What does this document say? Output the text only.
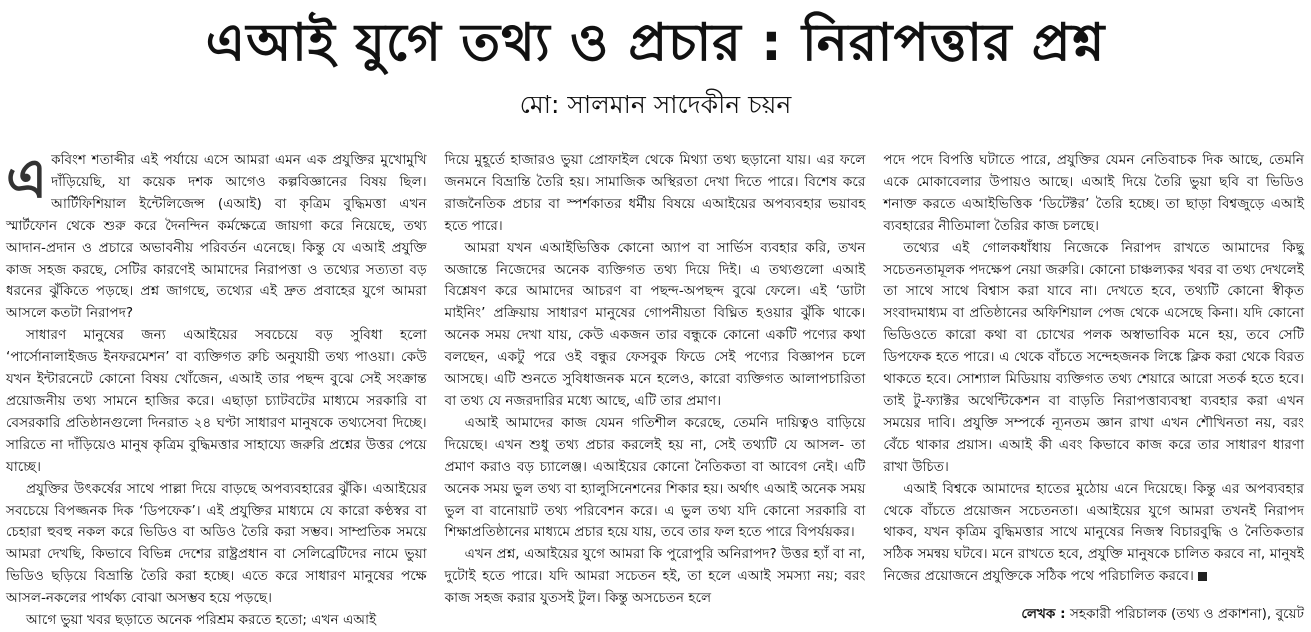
এআই যুগে তথ্য ও প্রচার : নিরাপত্তার প্রশ্ন
মো: সালমান সাদেকীন চয়ন

একবিংশ শতাব্দীর এই পর্যায়ে এসে আমরা এমন এক প্রযুক্তির মুখোমুখি দাঁড়িয়েছি, যা কয়েক দশক আগেও কল্পবিজ্ঞানের বিষয় ছিল। আর্টিফিশিয়াল ইন্টেলিজেন্স (এআই) বা কৃত্রিম বুদ্ধিমত্তা এখন স্মার্টফোন থেকে শুরু করে দৈনন্দিন কর্মক্ষেত্রে জায়গা করে নিয়েছে, তথ্য আদান-প্রদান ও প্রচারে অভাবনীয় পরিবর্তন এনেছে। কিন্তু যে এআই প্রযুক্তি কাজ সহজ করছে, সেটির কারণেই আমাদের নিরাপত্তা ও তথ্যের সত্যতা বড় ধরনের ঝুঁকিতে পড়ছে। প্রশ্ন জাগছে, তথ্যের এই দ্রুত প্রবাহের যুগে আমরা আসলে কতটা নিরাপদ?

সাধারণ মানুষের জন্য এআইয়ের সবচেয়ে বড় সুবিধা হলো ‘পার্সোনালাইজড ইনফরমেশন’ বা ব্যক্তিগত রুচি অনুযায়ী তথ্য পাওয়া। কেউ যখন ইন্টারনেটে কোনো বিষয় খোঁজেন, এআই তার পছন্দ বুঝে সেই সংক্রান্ত প্রয়োজনীয় তথ্য সামনে হাজির করে। এছাড়া চ্যাটবটের মাধ্যমে সরকারি বা বেসরকারি প্রতিষ্ঠানগুলো দিনরাত ২৪ ঘণ্টা সাধারণ মানুষকে তথ্যসেবা দিচ্ছে। সারিতে না দাঁড়িয়েও মানুষ কৃত্রিম বুদ্ধিমত্তার সাহায্যে জরুরি প্রশ্নের উত্তর পেয়ে যাচ্ছে।

প্রযুক্তির উৎকর্ষের সাথে পাল্লা দিয়ে বাড়ছে অপব্যবহারের ঝুঁকি। এআইয়ের সবচেয়ে বিপজ্জনক দিক ‘ডিপফেক’। এই প্রযুক্তির মাধ্যমে যে কারো কণ্ঠস্বর বা চেহারা হুবহু নকল করে ভিডিও বা অডিও তৈরি করা সম্ভব। সাম্প্রতিক সময়ে আমরা দেখছি, কিভাবে বিভিন্ন দেশের রাষ্ট্রপ্রধান বা সেলিব্রেটিদের নামে ভুয়া ভিডিও ছড়িয়ে বিভ্রান্তি তৈরি করা হচ্ছে। এতে করে সাধারণ মানুষের পক্ষে আসল-নকলের পার্থক্য বোঝা অসম্ভব হয়ে পড়ছে।

আগে ভুয়া খবর ছড়াতে অনেক পরিশ্রম করতে হতো; এখন এআই

দিয়ে মুহূর্তে হাজারও ভুয়া প্রোফাইল থেকে মিথ্যা তথ্য ছড়ানো যায়। এর ফলে জনমনে বিভ্রান্তি তৈরি হয়। সামাজিক অস্থিরতা দেখা দিতে পারে। বিশেষ করে রাজনৈতিক প্রচার বা স্পর্শকাতর ধর্মীয় বিষয়ে এআইয়ের অপব্যবহার ভয়াবহ হতে পারে।

আমরা যখন এআইভিত্তিক কোনো অ্যাপ বা সার্ভিস ব্যবহার করি, তখন অজান্তে নিজেদের অনেক ব্যক্তিগত তথ্য দিয়ে দিই। এ তথ্যগুলো এআই বিশ্লেষণ করে আমাদের আচরণ বা পছন্দ-অপছন্দ বুঝে ফেলে। এই ‘ডাটা মাইনিং’ প্রক্রিয়ায় সাধারণ মানুষের গোপনীয়তা বিঘ্নিত হওয়ার ঝুঁকি থাকে। অনেক সময় দেখা যায়, কেউ একজন তার বন্ধুকে কোনো একটি পণ্যের কথা বলছেন, একটু পরে ওই বন্ধুর ফেসবুক ফিডে সেই পণ্যের বিজ্ঞাপন চলে আসছে। এটি শুনতে সুবিধাজনক মনে হলেও, কারো ব্যক্তিগত আলাপচারিতা বা তথ্য যে নজরদারির মধ্যে আছে, এটি তার প্রমাণ।

এআই আমাদের কাজ যেমন গতিশীল করেছে, তেমনি দায়িত্বও বাড়িয়ে দিয়েছে। এখন শুধু তথ্য প্রচার করলেই হয় না, সেই তথ্যটি যে আসল- তা প্রমাণ করাও বড় চ্যালেঞ্জ। এআইয়ের কোনো নৈতিকতা বা আবেগ নেই। এটি অনেক সময় ভুল তথ্য বা হ্যালুসিনেশনের শিকার হয়। অর্থাৎ এআই অনেক সময় ভুল বা বানোয়াট তথ্য পরিবেশন করে। এ ভুল তথ্য যদি কোনো সরকারি বা শিক্ষাপ্রতিষ্ঠানের মাধ্যমে প্রচার হয়ে যায়, তবে তার ফল হতে পারে বিপর্যয়কর।

এখন প্রশ্ন, এআইয়ের যুগে আমরা কি পুরোপুরি অনিরাপদ? উত্তর হ্যাঁ বা না, দুটোই হতে পারে। যদি আমরা সচেতন হই, তা হলে এআই সমস্যা নয়; বরং কাজ সহজ করার যুতসই টুল। কিন্তু অসচেতন হলে

পদে পদে বিপত্তি ঘটাতে পারে, প্রযুক্তির যেমন নেতিবাচক দিক আছে, তেমনি একে মোকাবেলার উপায়ও আছে। এআই দিয়ে তৈরি ভুয়া ছবি বা ভিডিও শনাক্ত করতে এআইভিত্তিক ‘ডিটেক্টর’ তৈরি হচ্ছে। তা ছাড়া বিশ্বজুড়ে এআই ব্যবহারের নীতিমালা তৈরির কাজ চলছে।

তথ্যের এই গোলকধাঁধায় নিজেকে নিরাপদ রাখতে আমাদের কিছু সচেতনতামূলক পদক্ষেপ নেয়া জরুরি। কোনো চাঞ্চল্যকর খবর বা তথ্য দেখলেই তা সাথে সাথে বিশ্বাস করা যাবে না। দেখতে হবে, তথ্যটি কোনো স্বীকৃত সংবাদমাধ্যম বা প্রতিষ্ঠানের অফিশিয়াল পেজ থেকে এসেছে কিনা। যদি কোনো ভিডিওতে কারো কথা বা চোখের পলক অস্বাভাবিক মনে হয়, তবে সেটি ডিপফেক হতে পারে। এ থেকে বাঁচতে সন্দেহজনক লিঙ্কে ক্লিক করা থেকে বিরত থাকতে হবে। সোশ্যাল মিডিয়ায় ব্যক্তিগত তথ্য শেয়ারে আরো সতর্ক হতে হবে। তাই টু-ফ্যাক্টর অথেন্টিকেশন বা বাড়তি নিরাপত্তাব্যবস্থা ব্যবহার করা এখন সময়ের দাবি। প্রযুক্তি সম্পর্কে ন্যূনতম জ্ঞান রাখা এখন শৌখিনতা নয়, বরং বেঁচে থাকার প্রয়াস। এআই কী এবং কিভাবে কাজ করে তার সাধারণ ধারণা রাখা উচিত।

এআই বিশ্বকে আমাদের হাতের মুঠোয় এনে দিয়েছে। কিন্তু এর অপব্যবহার থেকে বাঁচতে প্রয়োজন সচেতনতা। এআইয়ের যুগে আমরা তখনই নিরাপদ থাকব, যখন কৃত্রিম বুদ্ধিমত্তার সাথে মানুষের নিজস্ব বিচারবুদ্ধি ও নৈতিকতার সঠিক সমন্বয় ঘটবে। মনে রাখতে হবে, প্রযুক্তি মানুষকে চালিত করবে না, মানুষই নিজের প্রয়োজনে প্রযুক্তিকে সঠিক পথে পরিচালিত করবে।

লেখক : সহকারী পরিচালক (তথ্য ও প্রকাশনা), বুয়েট
